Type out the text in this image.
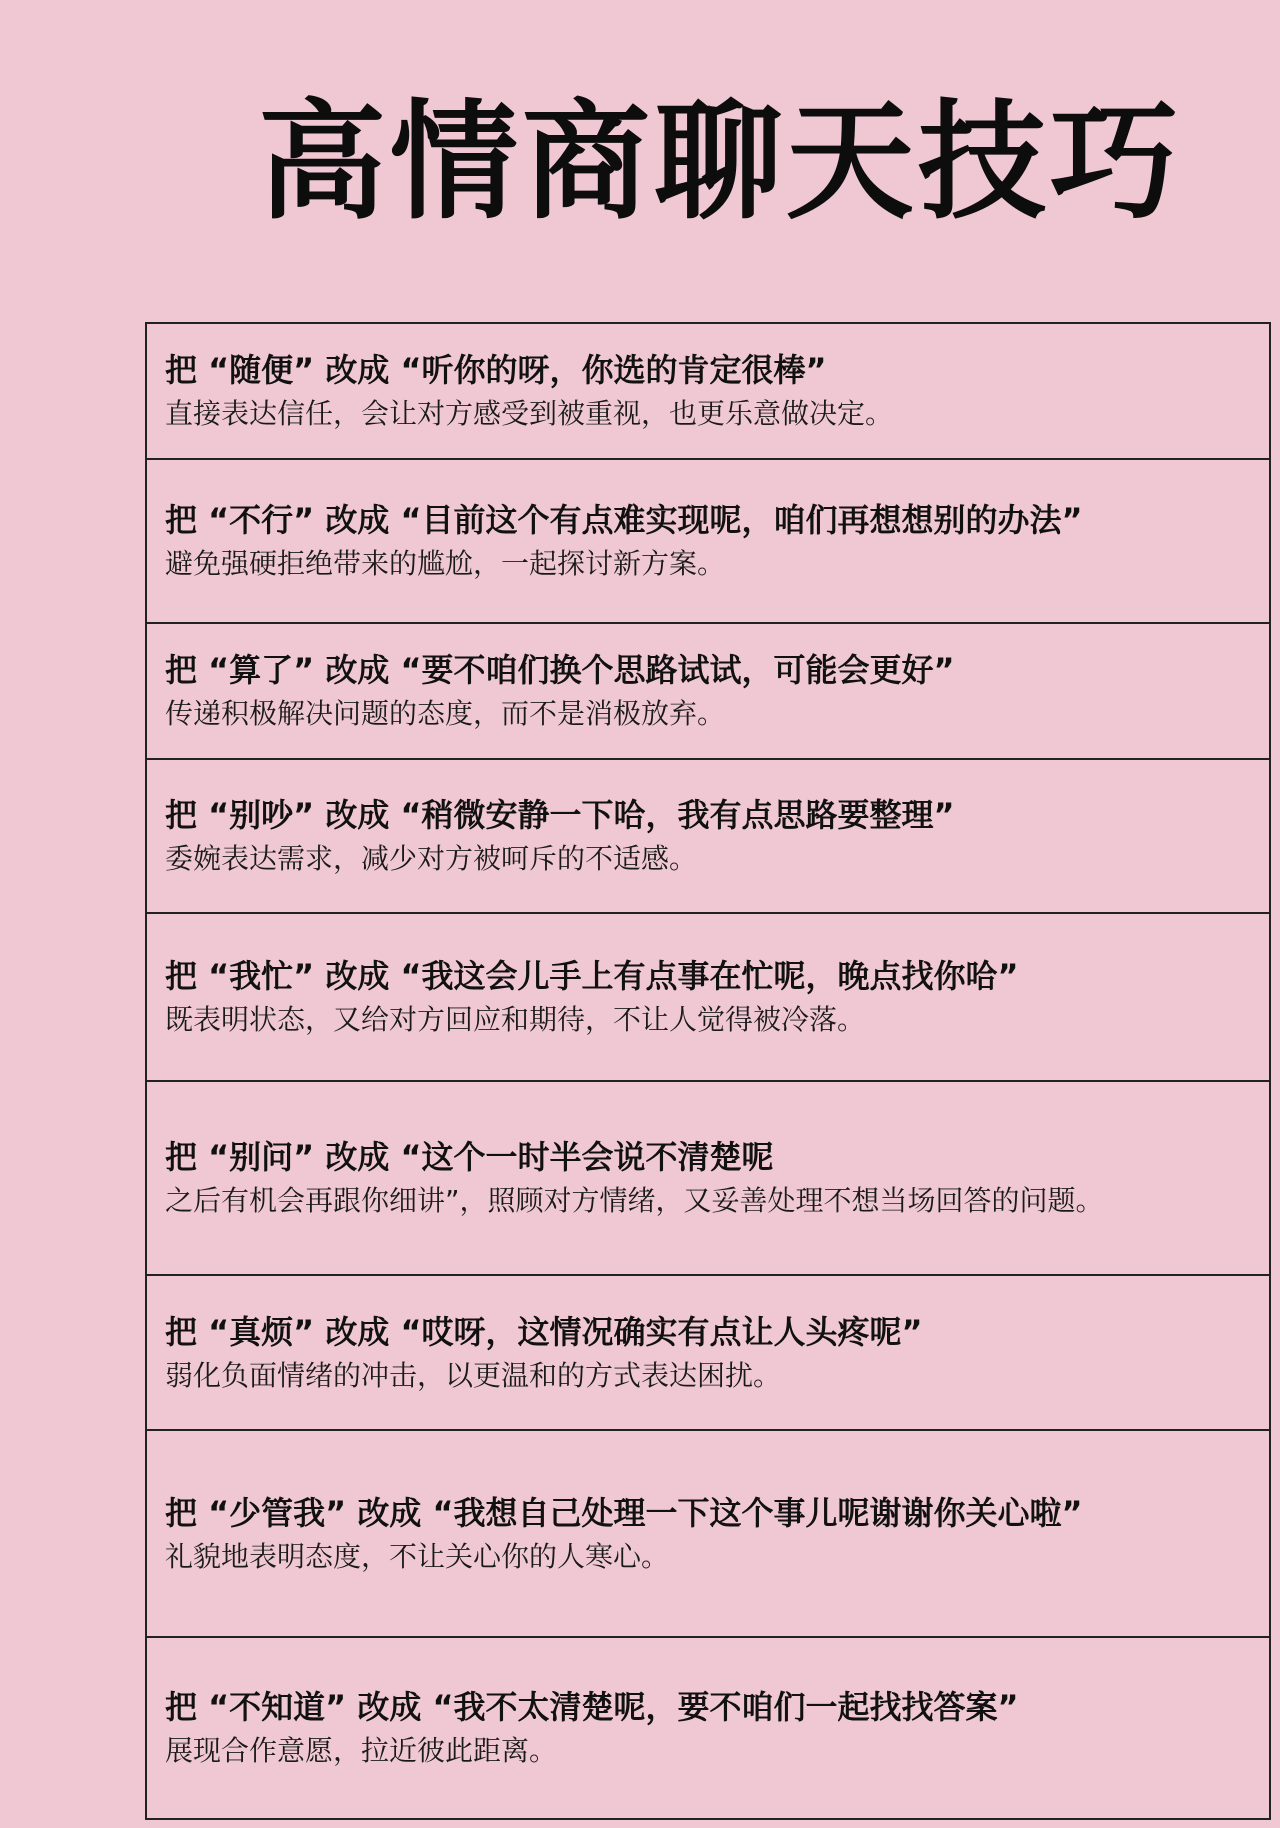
高情商聊天技巧
把 “随便” 改成 “听你的呀，你选的肯定很棒”
直接表达信任，会让对方感受到被重视，也更乐意做决定。
把 “不行” 改成 “目前这个有点难实现呢，咱们再想想别的办法”
避免强硬拒绝带来的尴尬，一起探讨新方案。
把 “算了” 改成 “要不咱们换个思路试试，可能会更好”
传递积极解决问题的态度，而不是消极放弃。
把 “别吵” 改成 “稍微安静一下哈，我有点思路要整理”
委婉表达需求，减少对方被呵斥的不适感。
把 “我忙” 改成 “我这会儿手上有点事在忙呢，晚点找你哈”
既表明状态，又给对方回应和期待，不让人觉得被冷落。
把 “别问” 改成 “这个一时半会说不清楚呢
之后有机会再跟你细讲”，照顾对方情绪，又妥善处理不想当场回答的问题。
把 “真烦” 改成 “哎呀，这情况确实有点让人头疼呢”
弱化负面情绪的冲击，以更温和的方式表达困扰。
把 “少管我” 改成 “我想自己处理一下这个事儿呢谢谢你关心啦”
礼貌地表明态度，不让关心你的人寒心。
把 “不知道” 改成 “我不太清楚呢，要不咱们一起找找答案”
展现合作意愿，拉近彼此距离。
